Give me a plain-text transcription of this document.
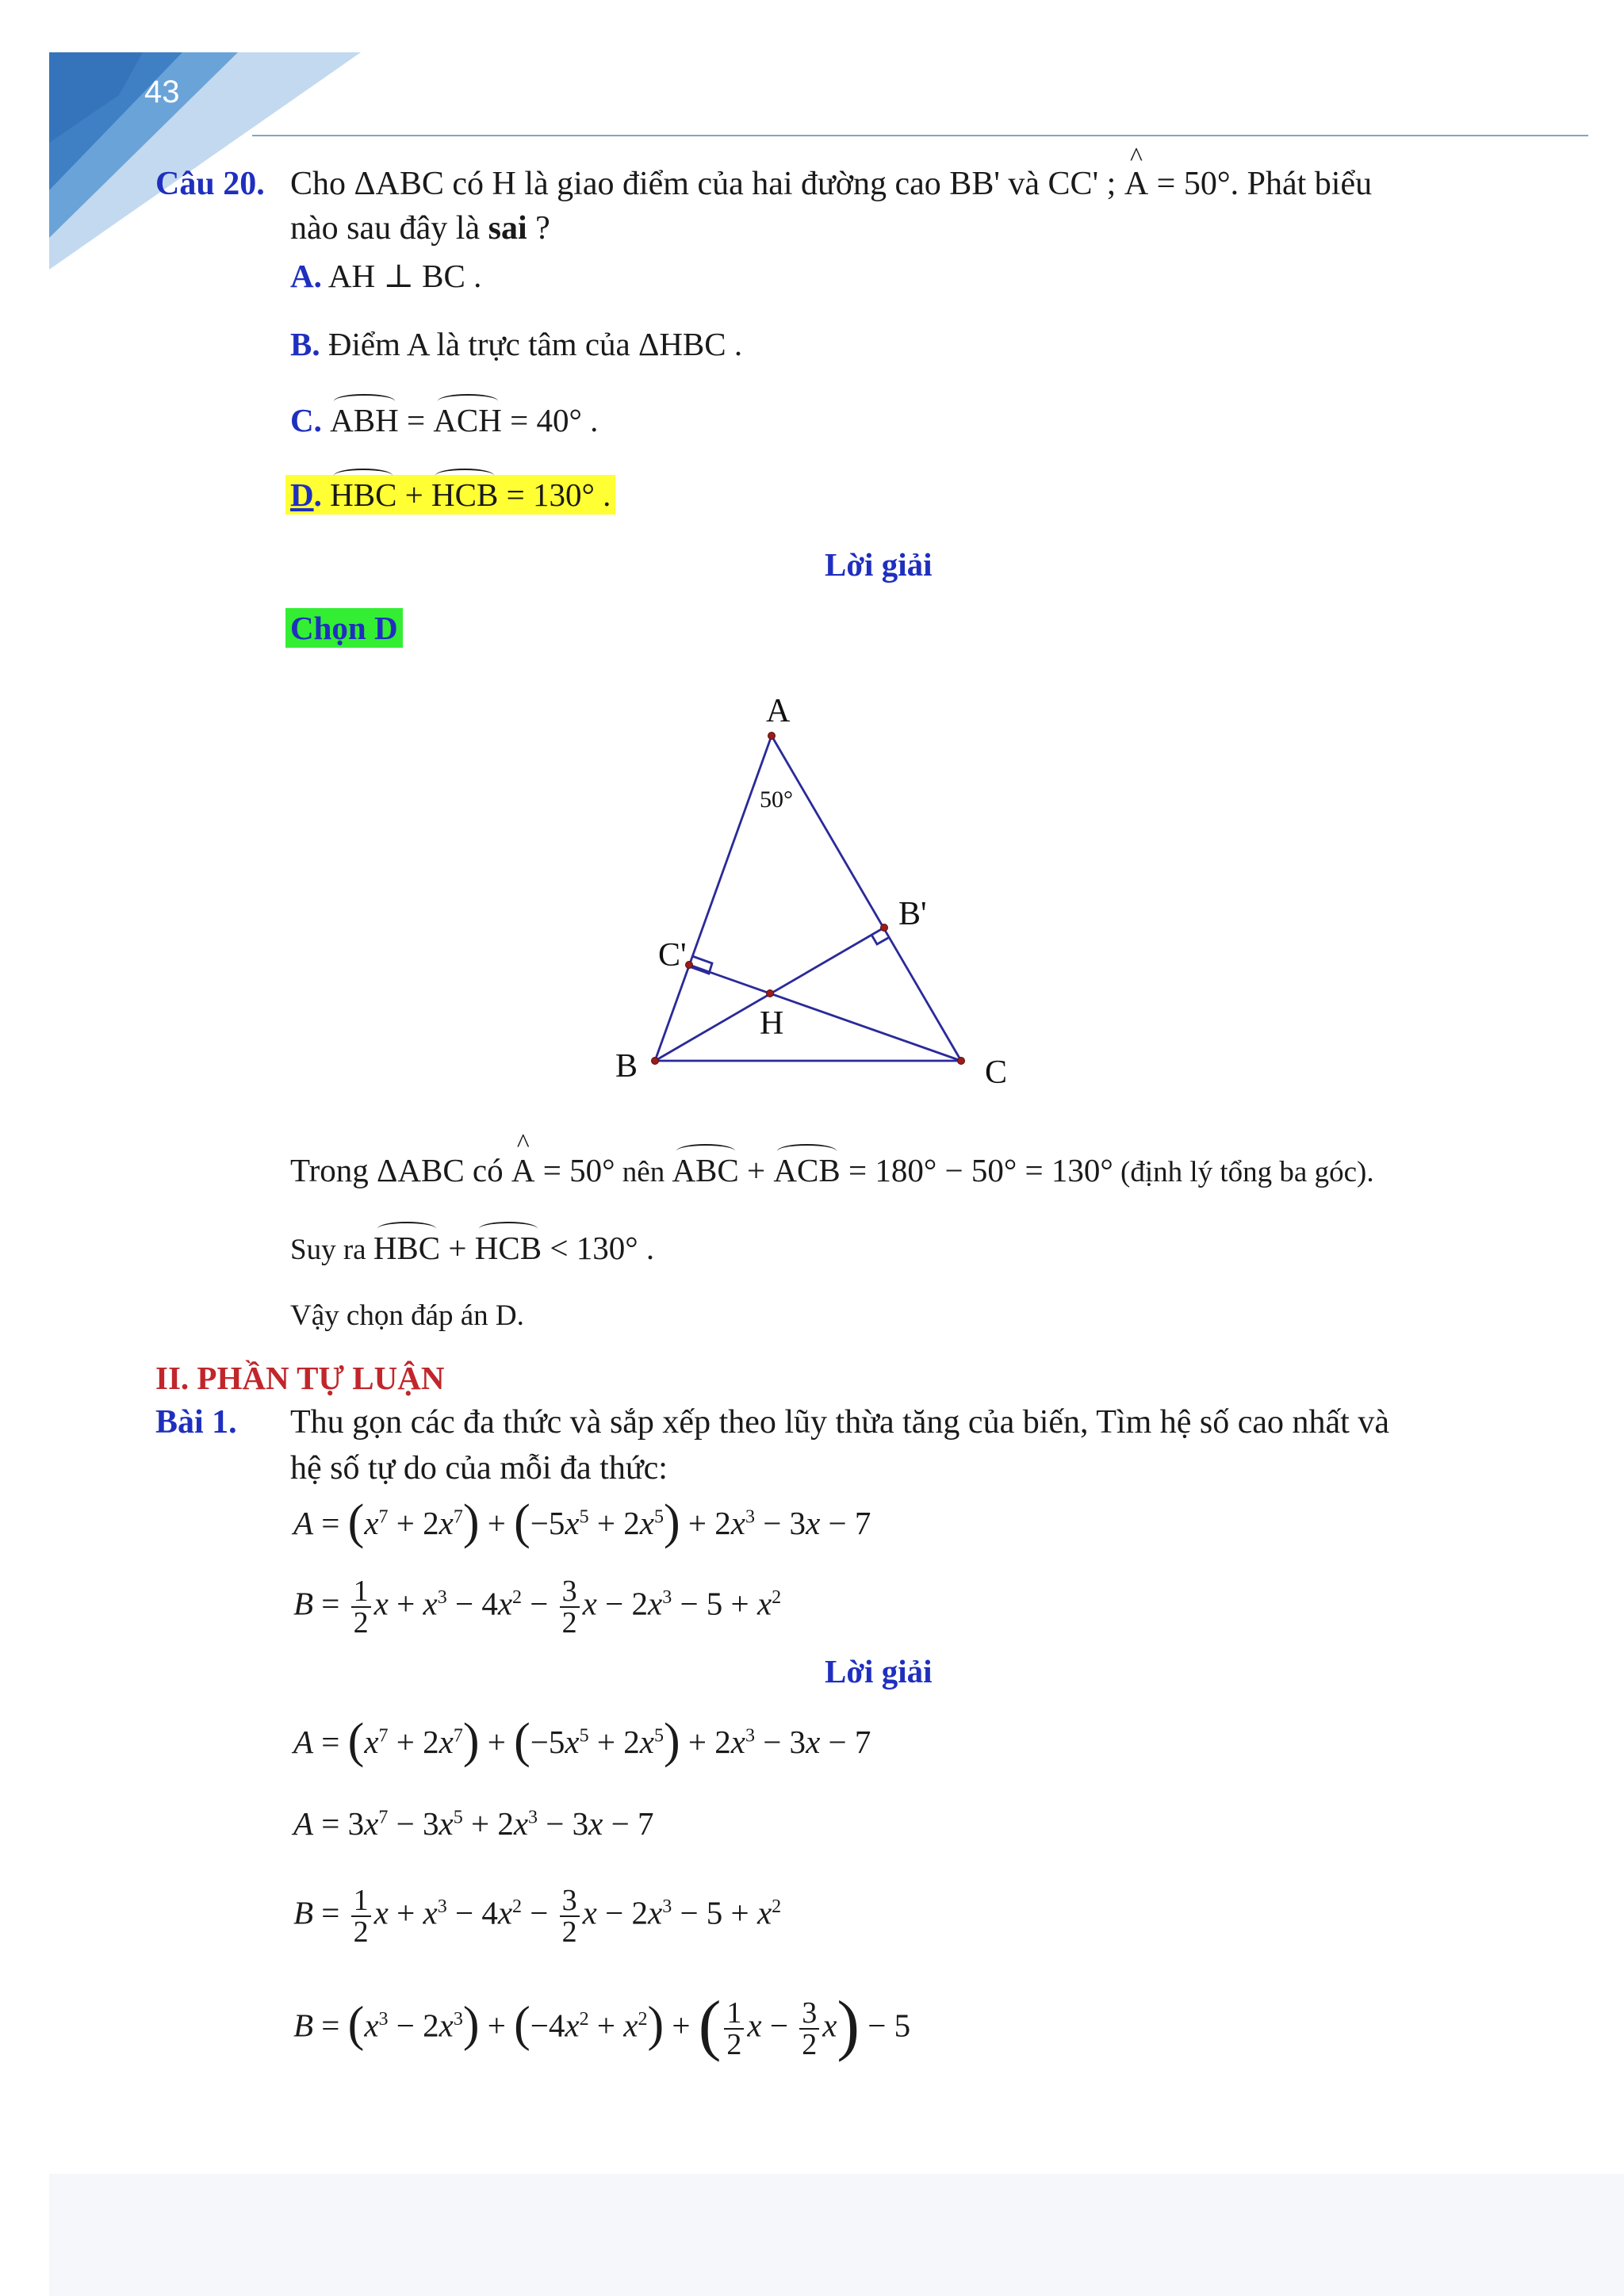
43
Câu 20. Cho ΔABC có H là giao điểm của hai đường cao BB' và CC' ; ^ A = 50°. Phát biểu
nào sau đây là sai ?
A. AH ⊥ BC .
B. Điểm A là trực tâm của ΔHBC .
C. ABH = ACH = 40° .
D. HBC + HCB = 130° .
Lời giải
Chọn D
A
50°
B'
C'
H
B	C
Trong ΔABC có ^ A = 50° nên ABC + ACB = 180° − 50° = 130° (định lý tổng ba góc).
Suy ra HBC + HCB < 130° .
Vậy chọn đáp án D.
II. PHẦN TỰ LUẬN
Bài 1. Thu gọn các đa thức và sắp xếp theo lũy thừa tăng của biến, Tìm hệ số cao nhất và
hệ số tự do của mỗi đa thức:
$A = (x^7 + 2x^7) + (-5x^5 + 2x^5) + 2x^3 - 3x - 7$
$B = \frac{1}{2}$ $x + x^3 - 4x^2 - \frac{3}{2}$ $x - 2x^3 - 5 + x^2$
Lời giải
$A = (x^7 + 2x^7) + (-5x^5 + 2x^5) + 2x^3 - 3x - 7$
$A = 3x^7 - 3x^5 + 2x^3 - 3x - 7$
$B = \frac{1}{2}$ $x + x^3 - 4x^2 - \frac{3}{2}$ $x - 2x^3 - 5 + x^2$
$B = (x^3 - 2x^3) + (-4x^2 + x^2)$ + ( $\frac{1}{2}$ $x - \frac{3}{2} x) - 5$
